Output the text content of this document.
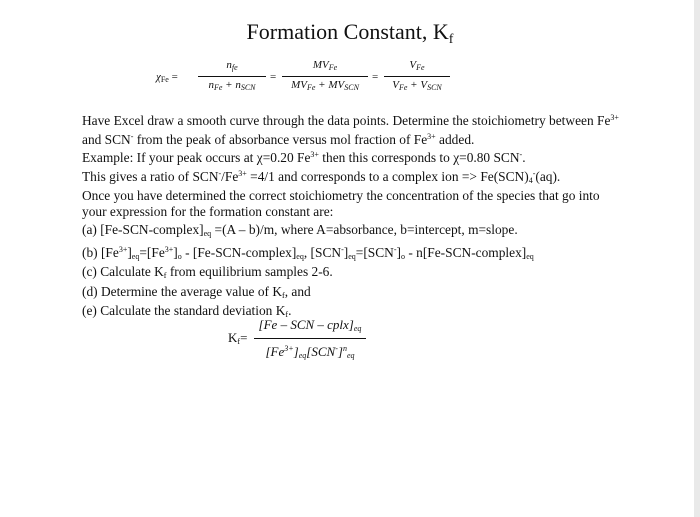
Formation Constant, $K_f$
$\chi_{Fe}$ =
$n_{fe}$
$n_{Fe} + n_{SCN}$
=
$MV_{Fe}$
$MV_{Fe} + MV_{SCN}$
=
$V_{Fe}$
$V_{Fe} + V_{SCN}$

Have Excel draw a smooth curve through the data points. Determine the stoichiometry between $Fe^{3+}$

and SCN- from the peak of absorbance versus mol fraction of $Fe^{3+}$ added.

Example: If your peak occurs at χ=0.20 $Fe^{3+}$ then this corresponds to χ=0.80 SCN-.

This gives a ratio of $SCN^-/Fe^{3+} =4/1$ and corresponds to a complex ion => $Fe(SCN)_4^-(aq)$.

Once you have determined the correct stoichiometry the concentration of the species that go into

your expression for the formation constant are:

(a) $[Fe-SCN-complex]_{eq} =(A - b)/m$, where A=absorbance, b=intercept, m=slope.

(b) $[Fe^{3+}]_{eq}=[Fe^{3+}]_o$ - $[Fe-SCN-complex]_{eq}$, $[SCN^-]_{eq}=[SCN^-]_o$ - $n[Fe-SCN-complex]_{eq}$

(c) Calculate $K_f$ from equilibrium samples 2-6.

(d) Determine the average value of $K_f$, and

(e) Calculate the standard deviation $K_f$.

$K_f=$
[Fe – SCN – $cplx]_{eq}$
$[Fe^{3+}]_{eq}[SCN^-]^n_{eq}$
